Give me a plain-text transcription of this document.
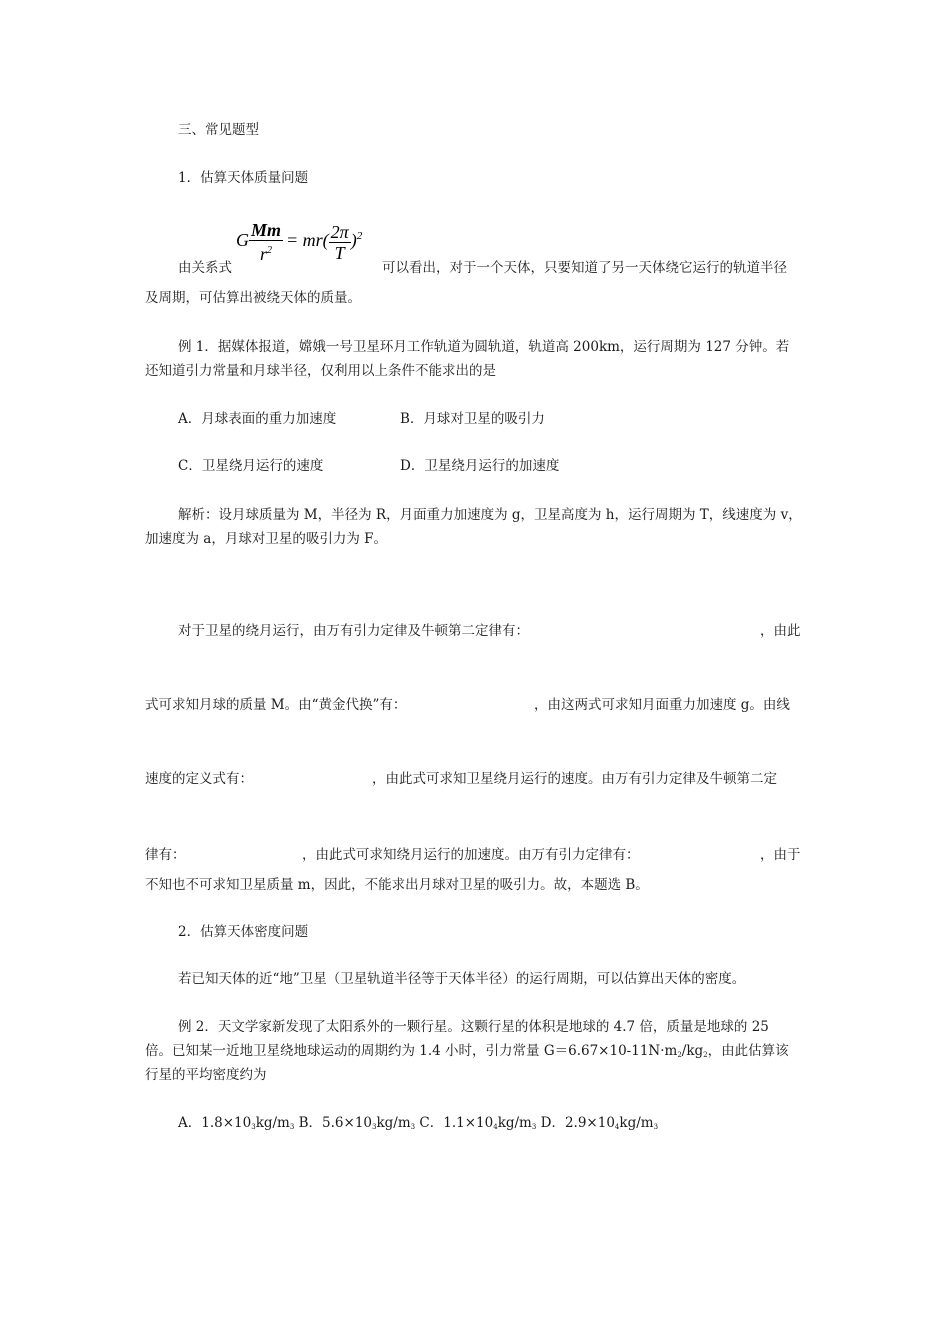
三、常见题型
1．估算天体质量问题
G $\frac{Mm}{r^2} = mr( \frac{2\pi}{T} )^2$
由关系式	可以看出，对于一个天体，只要知道了另一天体绕它运行的轨道半径
及周期，可估算出被绕天体的质量。
例 1．据媒体报道，嫦娥一号卫星环月工作轨道为圆轨道，轨道高 200km，运行周期为 127 分钟。若
还知道引力常量和月球半径，仅利用以上条件不能求出的是
A．月球表面的重力加速度	B．月球对卫星的吸引力
C．卫星绕月运行的速度	D．卫星绕月运行的加速度
解析：设月球质量为 M，半径为 R，月面重力加速度为 g，卫星高度为 h，运行周期为 T，线速度为 v，
加速度为 a，月球对卫星的吸引力为 F。
对于卫星的绕月运行，由万有引力定律及牛顿第二定律有：	，由此
式可求知月球的质量 M。由“黄金代换”有：	，由这两式可求知月面重力加速度 g。由线
速度的定义式有：	，由此式可求知卫星绕月运行的速度。由万有引力定律及牛顿第二定
律有：	，由此式可求知绕月运行的加速度。由万有引力定律有：	，由于
不知也不可求知卫星质量 m，因此，不能求出月球对卫星的吸引力。故，本题选 B。
2．估算天体密度问题
若已知天体的近“地”卫星（卫星轨道半径等于天体半径）的运行周期，可以估算出天体的密度。
例 2．天文学家新发现了太阳系外的一颗行星。这颗行星的体积是地球的 4.7 倍，质量是地球的 25
倍。已知某一近地卫星绕地球运动的周期约为 1.4 小时，引力常量 $G=6.67\times 10-11N\cdot m_2/kg_2$，由此估算该
行星的平均密度约为
A．$1.8\times 10_3kg/m_3$ B．$5.6\times 10_3kg/m_3$ C．$1.1\times 10_4kg/m_3$ D．$2.9\times 10_4kg/m_3$
